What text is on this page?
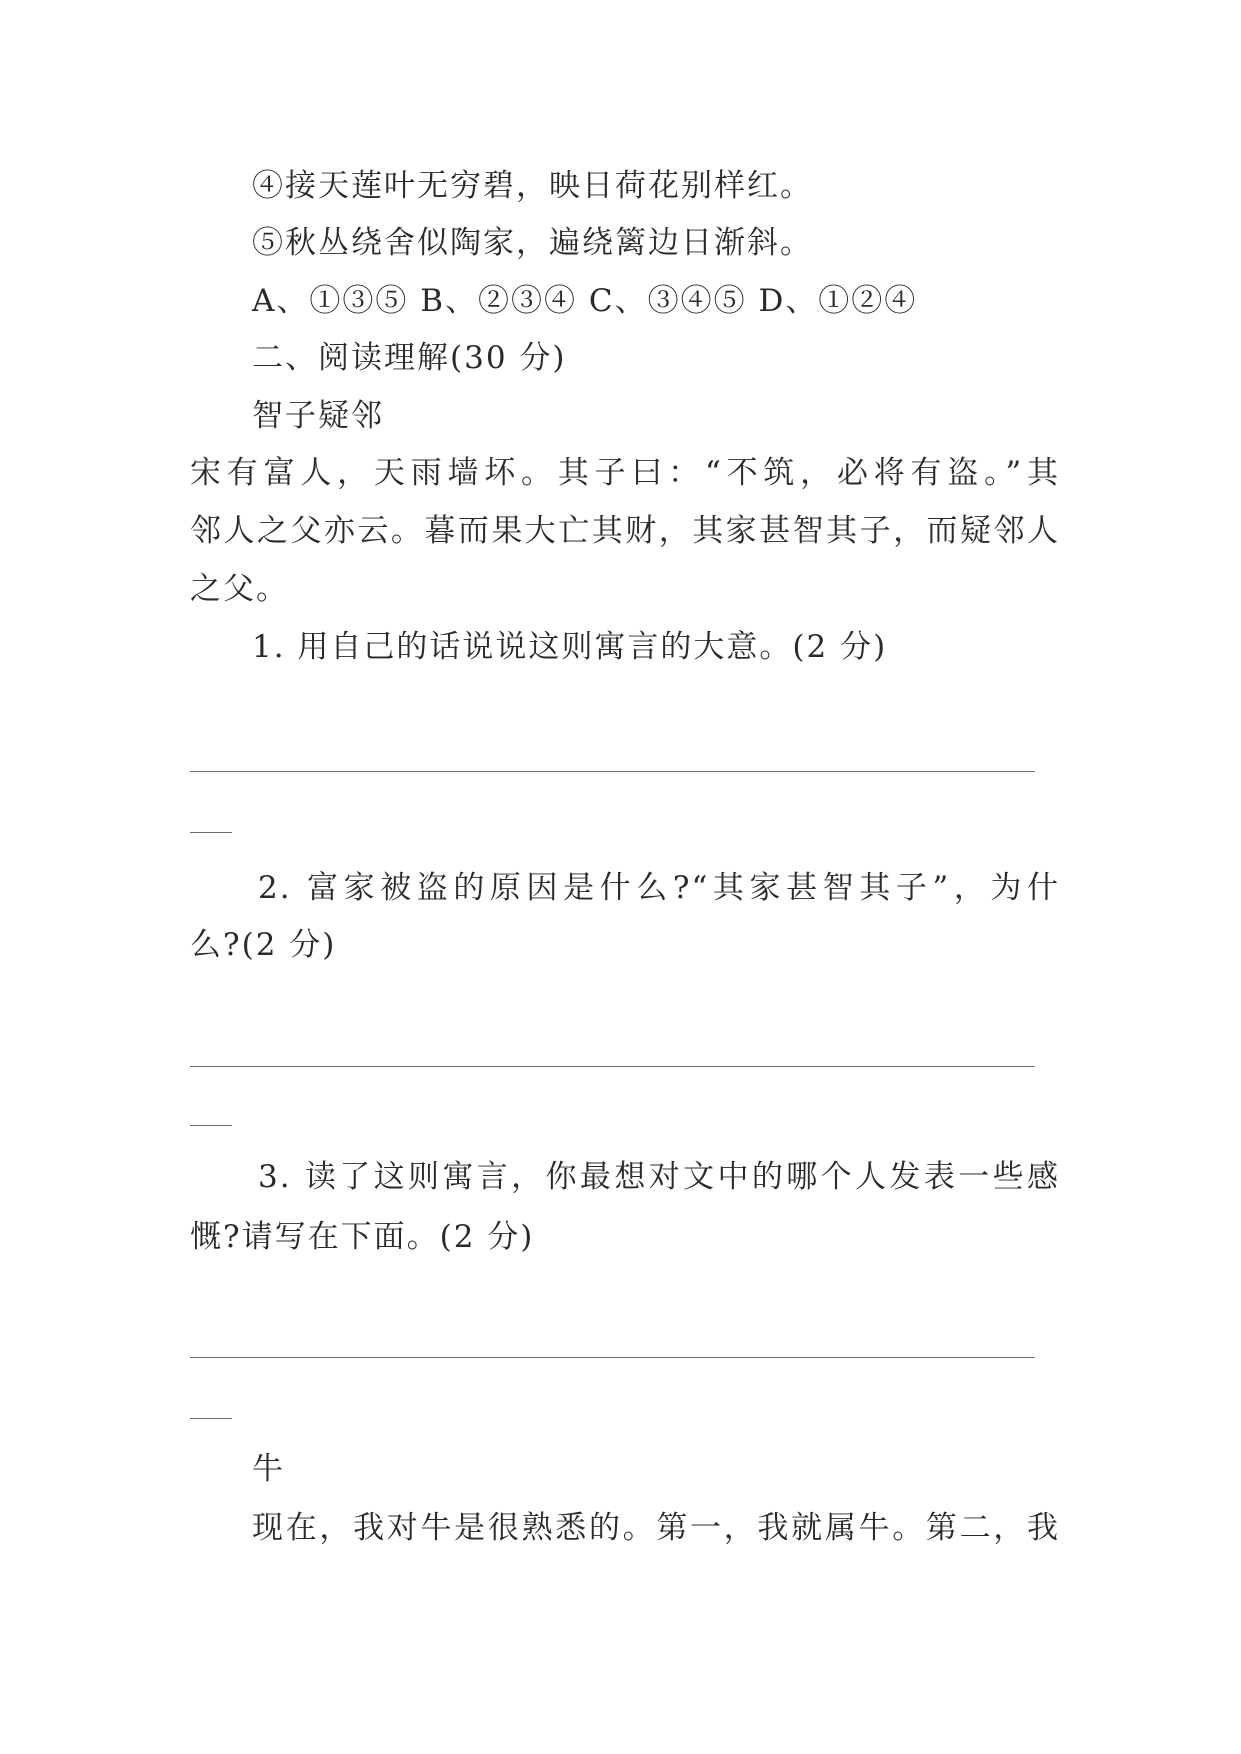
④接天莲叶无穷碧，映日荷花别样红。
⑤秋丛绕舍似陶家，遍绕篱边日渐斜。
A、①③⑤ B、②③④ C、③④⑤ D、①②④
二、阅读理解(30 分)
智子疑邻
宋有富人，天雨墙坏。其子曰：“不筑，必将有盗。”其
邻人之父亦云。暮而果大亡其财，其家甚智其子，而疑邻人
之父。
1. 用自己的话说说这则寓言的大意。(2 分)
2. 富家被盗的原因是什么?“其家甚智其子”，为什
么?(2 分)
3. 读了这则寓言，你最想对文中的哪个人发表一些感
慨?请写在下面。(2 分)
牛
现在，我对牛是很熟悉的。第一，我就属牛。第二，我
